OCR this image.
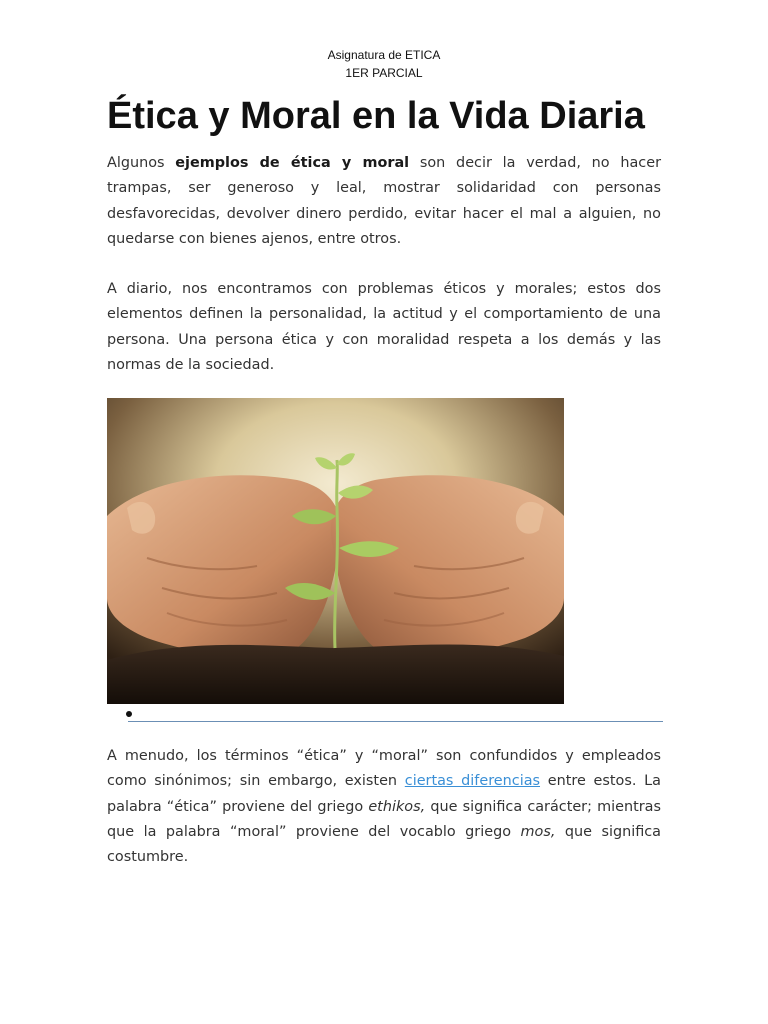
Asignatura de ETICA
1ER PARCIAL
Ética y Moral en la Vida Diaria

Algunos ejemplos de ética y moral son decir la verdad, no hacer trampas, ser generoso y leal, mostrar solidaridad con personas desfavorecidas, devolver dinero perdido, evitar hacer el mal a alguien, no quedarse con bienes ajenos, entre otros.

A diario, nos encontramos con problemas éticos y morales; estos dos elementos definen la personalidad, la actitud y el comportamiento de una persona. Una persona ética y con moralidad respeta a los demás y las normas de la sociedad.

A menudo, los términos “ética” y “moral” son confundidos y empleados como sinónimos; sin embargo, existen ciertas diferencias entre estos. La palabra “ética” proviene del griego ethikos, que significa carácter; mientras que la palabra “moral” proviene del vocablo griego mos, que significa costumbre.
